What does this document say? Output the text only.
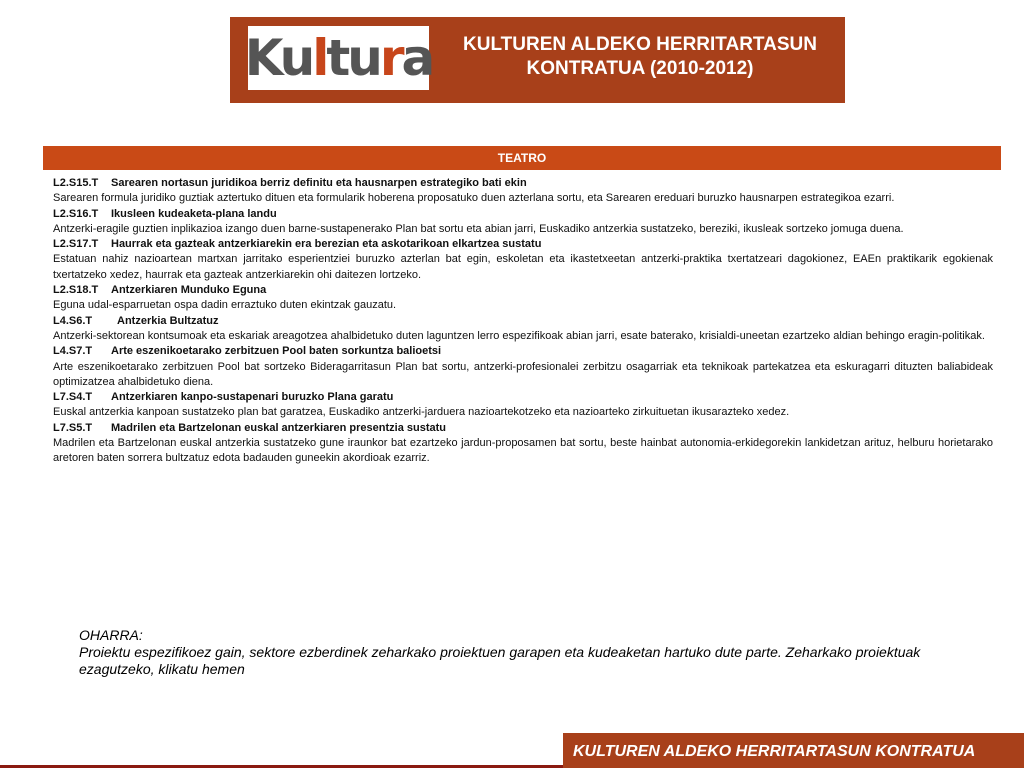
Kultura	KULTUREN ALDEKO HERRITARTASUN
KONTRATUA (2010-2012)
TEATRO
L2.S15.T	Sarearen nortasun juridikoa berriz definitu eta hausnarpen estrategiko bati ekin
Sarearen formula juridiko guztiak aztertuko dituen eta formularik hoberena proposatuko duen azterlana sortu, eta Sarearen ereduari buruzko hausnarpen estrategikoa ezarri.
L2.S16.T	Ikusleen kudeaketa-plana landu
Antzerki-eragile guztien inplikazioa izango duen barne-sustapenerako Plan bat sortu eta abian jarri, Euskadiko antzerkia sustatzeko, bereziki, ikusleak sortzeko jomuga duena.
L2.S17.T	Haurrak eta gazteak antzerkiarekin era berezian eta askotarikoan elkartzea sustatu
Estatuan nahiz nazioartean martxan jarritako esperientziei buruzko azterlan bat egin, eskoletan eta ikastetxeetan antzerki-praktika txertatzeari dagokionez, EAEn praktikarik egokienak txertatzeko xedez, haurrak eta gazteak antzerkiarekin ohi daitezen lortzeko.
L2.S18.T	Antzerkiaren Munduko Eguna
Eguna udal-esparruetan ospa dadin erraztuko duten ekintzak gauzatu.
L4.S6.T	Antzerkia Bultzatuz
Antzerki-sektorean kontsumoak eta eskariak areagotzea ahalbidetuko duten laguntzen lerro espezifikoak abian jarri, esate baterako, krisialdi-uneetan ezartzeko aldian behingo eragin-politikak.
L4.S7.T	Arte eszenikoetarako zerbitzuen Pool baten sorkuntza balioetsi
Arte eszenikoetarako zerbitzuen Pool bat sortzeko Bideragarritasun Plan bat sortu, antzerki-profesionalei zerbitzu osagarriak eta teknikoak partekatzea eta eskuragarri dituzten baliabideak optimizatzea ahalbidetuko diena.
L7.S4.T	Antzerkiaren kanpo-sustapenari buruzko Plana garatu
Euskal antzerkia kanpoan sustatzeko plan bat garatzea, Euskadiko antzerki-jarduera nazioartekotzeko eta nazioarteko zirkuituetan ikusarazteko xedez.
L7.S5.T	Madrilen eta Bartzelonan euskal antzerkiaren presentzia sustatu
Madrilen eta Bartzelonan euskal antzerkia sustatzeko gune iraunkor bat ezartzeko jardun-proposamen bat sortu, beste hainbat autonomia-erkidegorekin lankidetzan arituz, helburu horietarako aretoren baten sorrera bultzatuz edota badauden guneekin akordioak ezarriz.
OHARRA:
Proiektu espezifikoez gain, sektore ezberdinek zeharkako proiektuen garapen eta kudeaketan hartuko dute parte. Zeharkako proiektuak ezagutzeko, klikatu hemen
KULTUREN ALDEKO HERRITARTASUN KONTRATUA
